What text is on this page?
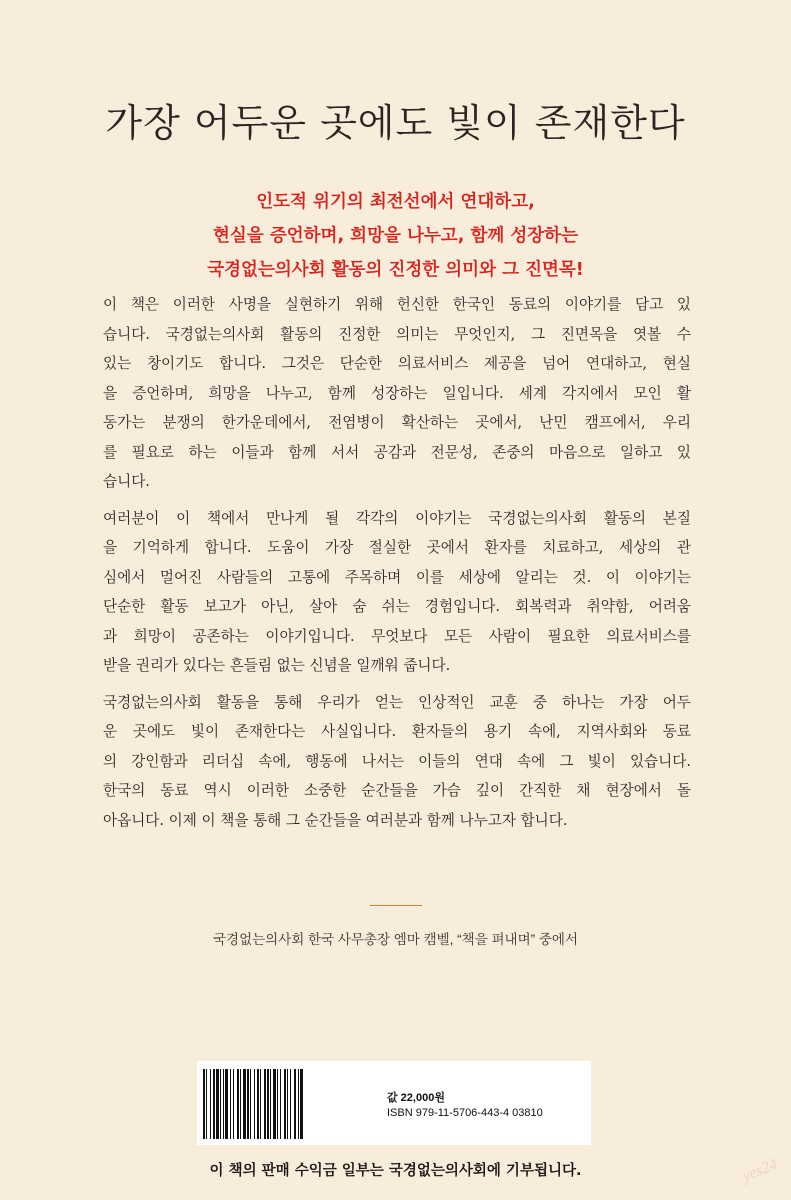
가장 어두운 곳에도 빛이 존재한다
인도적 위기의 최전선에서 연대하고,
현실을 증언하며, 희망을 나누고, 함께 성장하는
국경없는의사회 활동의 진정한 의미와 그 진면목!
이 책은 이러한 사명을 실현하기 위해 헌신한 한국인 동료의 이야기를 담고 있
습니다. 국경없는의사회 활동의 진정한 의미는 무엇인지, 그 진면목을 엿볼 수
있는 창이기도 합니다. 그것은 단순한 의료서비스 제공을 넘어 연대하고, 현실
을 증언하며, 희망을 나누고, 함께 성장하는 일입니다. 세계 각지에서 모인 활
동가는 분쟁의 한가운데에서, 전염병이 확산하는 곳에서, 난민 캠프에서, 우리
를 필요로 하는 이들과 함께 서서 공감과 전문성, 존중의 마음으로 일하고 있
습니다.
여러분이 이 책에서 만나게 될 각각의 이야기는 국경없는의사회 활동의 본질
을 기억하게 합니다. 도움이 가장 절실한 곳에서 환자를 치료하고, 세상의 관
심에서 멀어진 사람들의 고통에 주목하며 이를 세상에 알리는 것. 이 이야기는
단순한 활동 보고가 아닌, 살아 숨 쉬는 경험입니다. 회복력과 취약함, 어려움
과 희망이 공존하는 이야기입니다. 무엇보다 모든 사람이 필요한 의료서비스를
받을 권리가 있다는 흔들림 없는 신념을 일깨워 줍니다.
국경없는의사회 활동을 통해 우리가 얻는 인상적인 교훈 중 하나는 가장 어두
운 곳에도 빛이 존재한다는 사실입니다. 환자들의 용기 속에, 지역사회와 동료
의 강인함과 리더십 속에, 행동에 나서는 이들의 연대 속에 그 빛이 있습니다.
한국의 동료 역시 이러한 소중한 순간들을 가슴 깊이 간직한 채 현장에서 돌
아옵니다. 이제 이 책을 통해 그 순간들을 여러분과 함께 나누고자 합니다.
국경없는의사회 한국 사무총장 엠마 캠벨, “책을 펴내며” 중에서
값 22,000원
ISBN 979-11-5706-443-4 03810
이 책의 판매 수익금 일부는 국경없는의사회에 기부됩니다.	yes24
